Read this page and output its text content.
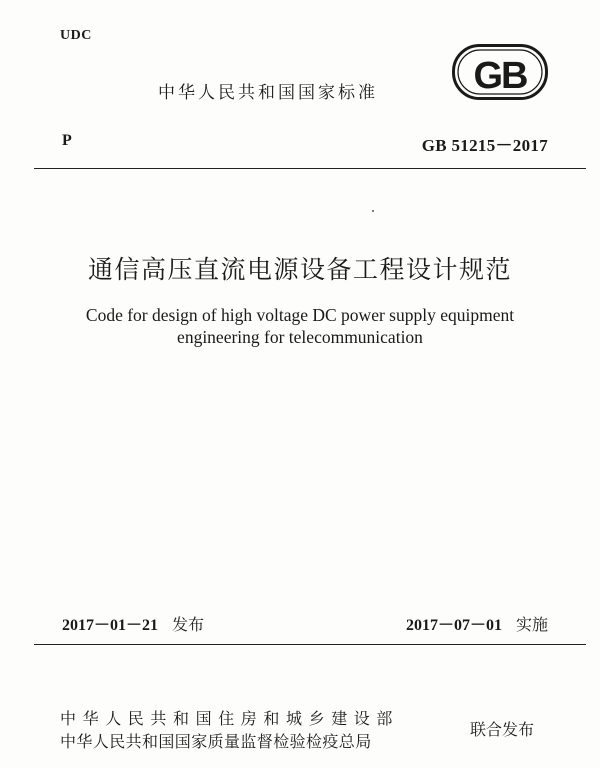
UDC
中华人民共和国国家标准	GB
P	GB 51215－2017
通信高压直流电源设备工程设计规范
Code for design of high voltage DC power supply equipment
engineering for telecommunication
2017－01－21 发布	2017－07－01 实施
中华人民共和国住房和城乡建设部
中华人民共和国国家质量监督检验检疫总局
联合发布
